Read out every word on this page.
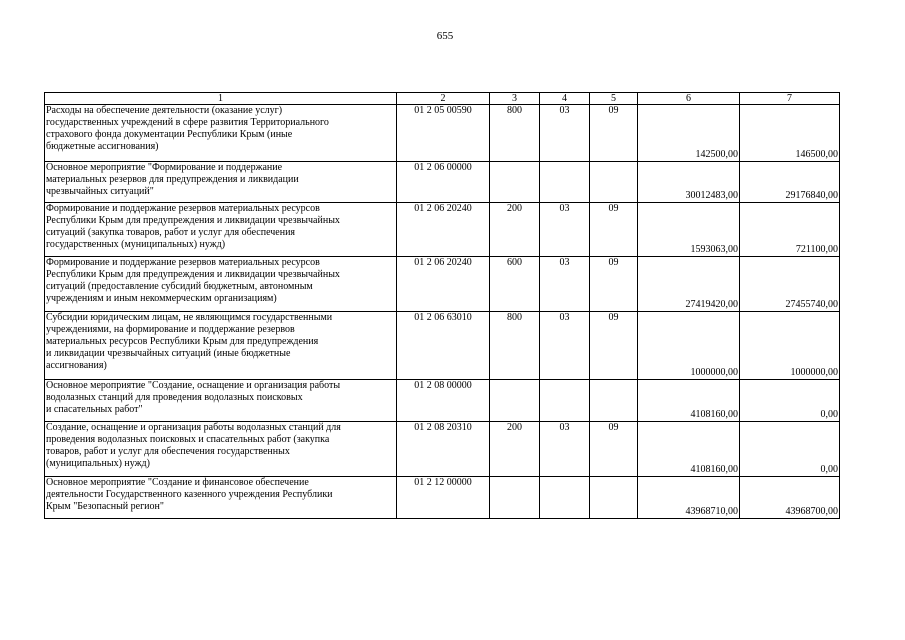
655
1	2	3	4	5	6	7
Расходы на обеспечение деятельности (оказание услуг)
государственных учреждений в сфере развития Территориального
страхового фонда документации Республики Крым (иные
бюджетные ассигнования)	01 2 05 00590	800	03	09	142500,00	146500,00
Основное мероприятие "Формирование и поддержание
материальных резервов для предупреждения и ликвидации
чрезвычайных ситуаций"	01 2 06 00000				30012483,00	29176840,00
Формирование и поддержание резервов материальных ресурсов
Республики Крым для предупреждения и ликвидации чрезвычайных
ситуаций (закупка товаров, работ и услуг для обеспечения
государственных (муниципальных) нужд)	01 2 06 20240	200	03	09	1593063,00	721100,00
Формирование и поддержание резервов материальных ресурсов
Республики Крым для предупреждения и ликвидации чрезвычайных
ситуаций (предоставление субсидий бюджетным, автономным
учреждениям и иным некоммерческим организациям)	01 2 06 20240	600	03	09	27419420,00	27455740,00
Субсидии юридическим лицам, не являющимся государственными
учреждениями, на формирование и поддержание резервов
материальных ресурсов Республики Крым для предупреждения
и ликвидации чрезвычайных ситуаций (иные бюджетные
ассигнования)	01 2 06 63010	800	03	09	1000000,00	1000000,00
Основное мероприятие "Создание, оснащение и организация работы
водолазных станций для проведения водолазных поисковых
и спасательных работ"	01 2 08 00000				4108160,00	0,00
Создание, оснащение и организация работы водолазных станций для
проведения водолазных поисковых и спасательных работ (закупка
товаров, работ и услуг для обеспечения государственных
(муниципальных) нужд)	01 2 08 20310	200	03	09	4108160,00	0,00
Основное мероприятие "Создание и финансовое обеспечение
деятельности Государственного казенного учреждения Республики
Крым "Безопасный регион"	01 2 12 00000				43968710,00	43968700,00
